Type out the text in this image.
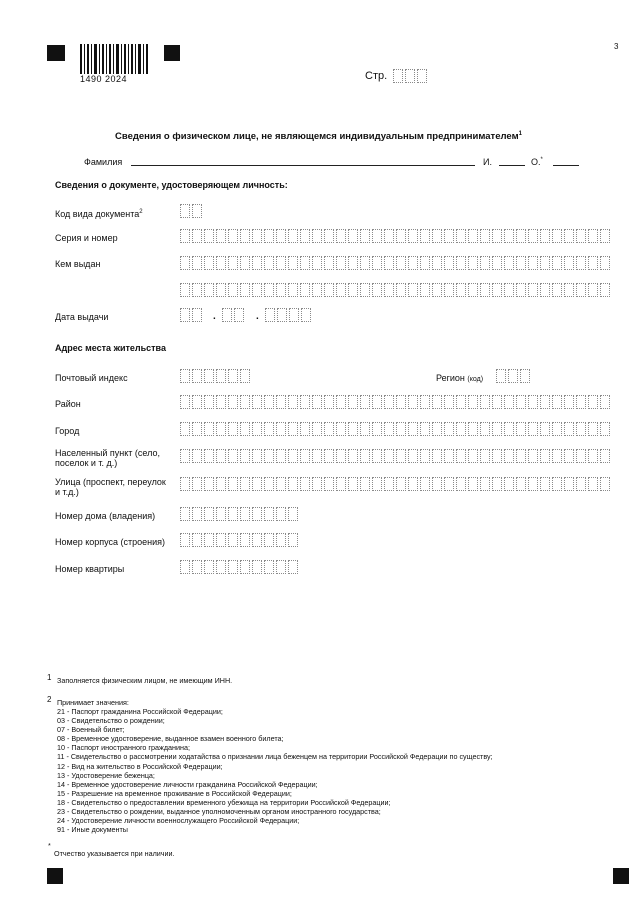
1490 2024
3
Стр.
Сведения о физическом лице, не являющемся индивидуальным предпринимателем$^1$
Фамилия	И.	О.*
Сведения о документе, удостоверяющем личность:
Код вида документа$^2$
Серия и номер
Кем выдан
Дата выдачи	.	.
Адрес места жительства
Почтовый индекс	Регион (код)
Район
Город
Населенный пункт (село,
поселок и т. д.)
Улица (проспект, переулок
и т.д.)
Номер дома (владения)
Номер корпуса (строения)
Номер квартиры
1 Заполняется физическим лицом, не имеющим ИНН.
2 Принимает значения:
21 - Паспорт гражданина Российской Федерации;
03 - Свидетельство о рождении;
07 - Военный билет;
08 - Временное удостоверение, выданное взамен военного билета;
10 - Паспорт иностранного гражданина;
11 - Свидетельство о рассмотрении ходатайства о признании лица беженцем на территории Российской Федерации по существу;
12 - Вид на жительство в Российской Федерации;
13 - Удостоверение беженца;
14 - Временное удостоверение личности гражданина Российской Федерации;
15 - Разрешение на временное проживание в Российской Федерации;
18 - Свидетельство о предоставлении временного убежища на территории Российской Федерации;
23 - Свидетельство о рождении, выданное уполномоченным органом иностранного государства;
24 - Удостоверение личности военнослужащего Российской Федерации;
91 - Иные документы
*
Отчество указывается при наличии.
